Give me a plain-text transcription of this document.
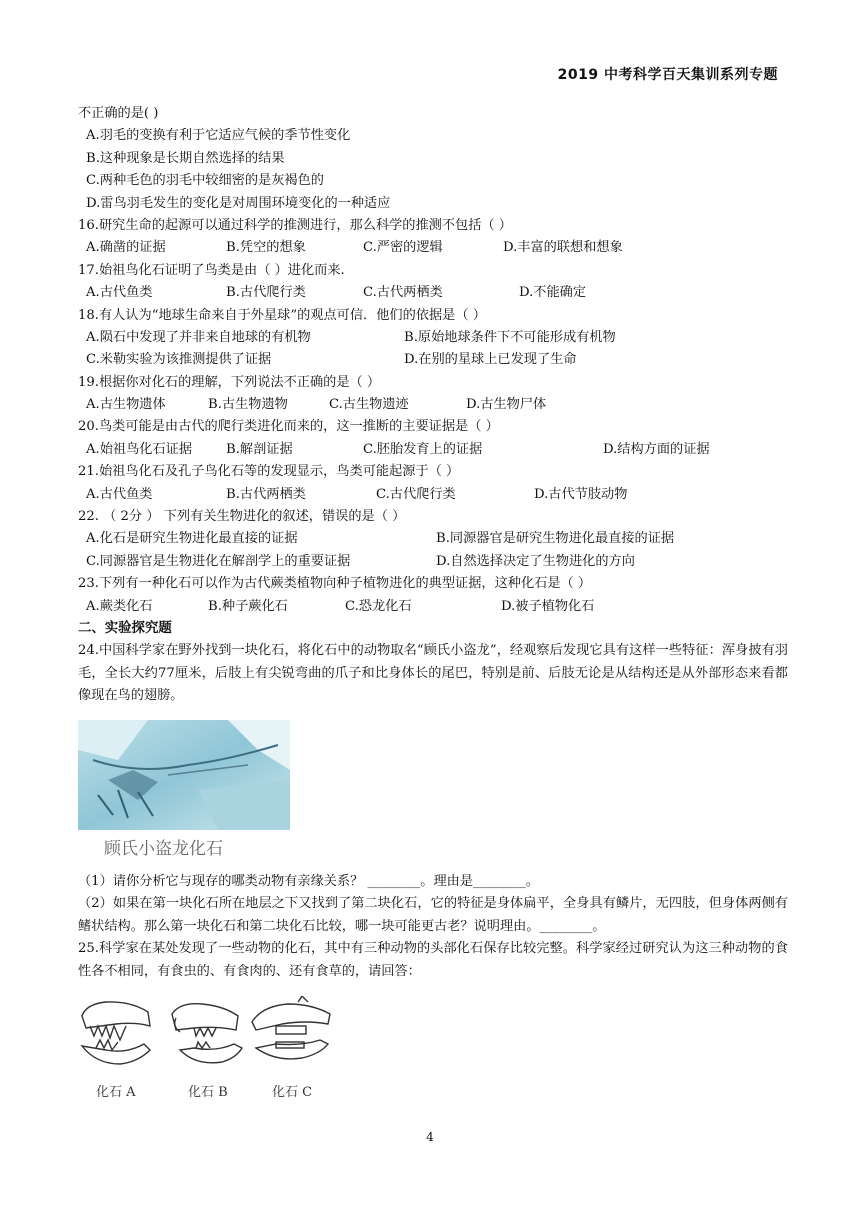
2019 中考科学百天集训系列专题
不正确的是( )
A.羽毛的变换有利于它适应气候的季节性变化
B.这种现象是长期自然选择的结果
C.两种毛色的羽毛中较细密的是灰褐色的
D.雷鸟羽毛发生的变化是对周围环境变化的一种适应
16.研究生命的起源可以通过科学的推测进行，那么科学的推测不包括（ ）
A.确凿的证据	B.凭空的想象	C.严密的逻辑	D.丰富的联想和想象
17.始祖鸟化石证明了鸟类是由（ ）进化而来.
A.古代鱼类	B.古代爬行类	C.古代两栖类	D.不能确定
18.有人认为“地球生命来自于外星球”的观点可信．他们的依据是（ ）
A.陨石中发现了并非来自地球的有机物	B.原始地球条件下不可能形成有机物
C.米勒实验为该推测提供了证据	D.在别的星球上已发现了生命
19.根据你对化石的理解，下列说法不正确的是（ ）
A.古生物遗体	B.古生物遗物	C.古生物遗迹	D.古生物尸体
20.鸟类可能是由古代的爬行类进化而来的，这一推断的主要证据是（ ）
A.始祖鸟化石证据	B.解剖证据	C.胚胎发育上的证据	D.结构方面的证据
21.始祖鸟化石及孔子鸟化石等的发现显示，鸟类可能起源于（ ）
A.古代鱼类	B.古代两栖类	C.古代爬行类	D.古代节肢动物
22. （ 2分 ） 下列有关生物进化的叙述，错误的是（ ）
A.化石是研究生物进化最直接的证据	B.同源器官是研究生物进化最直接的证据
C.同源器官是生物进化在解剖学上的重要证据	D.自然选择决定了生物进化的方向
23.下列有一种化石可以作为古代蕨类植物向种子植物进化的典型证据，这种化石是（ ）
A.蕨类化石	B.种子蕨化石	C.恐龙化石	D.被子植物化石
二、实验探究题
24.中国科学家在野外找到一块化石，将化石中的动物取名“顾氏小盗龙”，经观察后发现它具有这样一些特征：浑身披有羽毛，全长大约77厘米，后肢上有尖锐弯曲的爪子和比身体长的尾巴，特别是前、后肢无论是从结构还是从外部形态来看都像现在鸟的翅膀。
顾氏小盗龙化石
（1）请你分析它与现存的哪类动物有亲缘关系？ ________。理由是________。
（2）如果在第一块化石所在地层之下又找到了第二块化石，它的特征是身体扁平，全身具有鳞片，无四肢，但身体两侧有鳍状结构。那么第一块化石和第二块化石比较，哪一块可能更古老？说明理由。________。
25.科学家在某处发现了一些动物的化石，其中有三种动物的头部化石保存比较完整。科学家经过研究认为这三种动物的食性各不相同，有食虫的、有食肉的、还有食草的，请回答：
化石 A	化石 B	化石 C
4
